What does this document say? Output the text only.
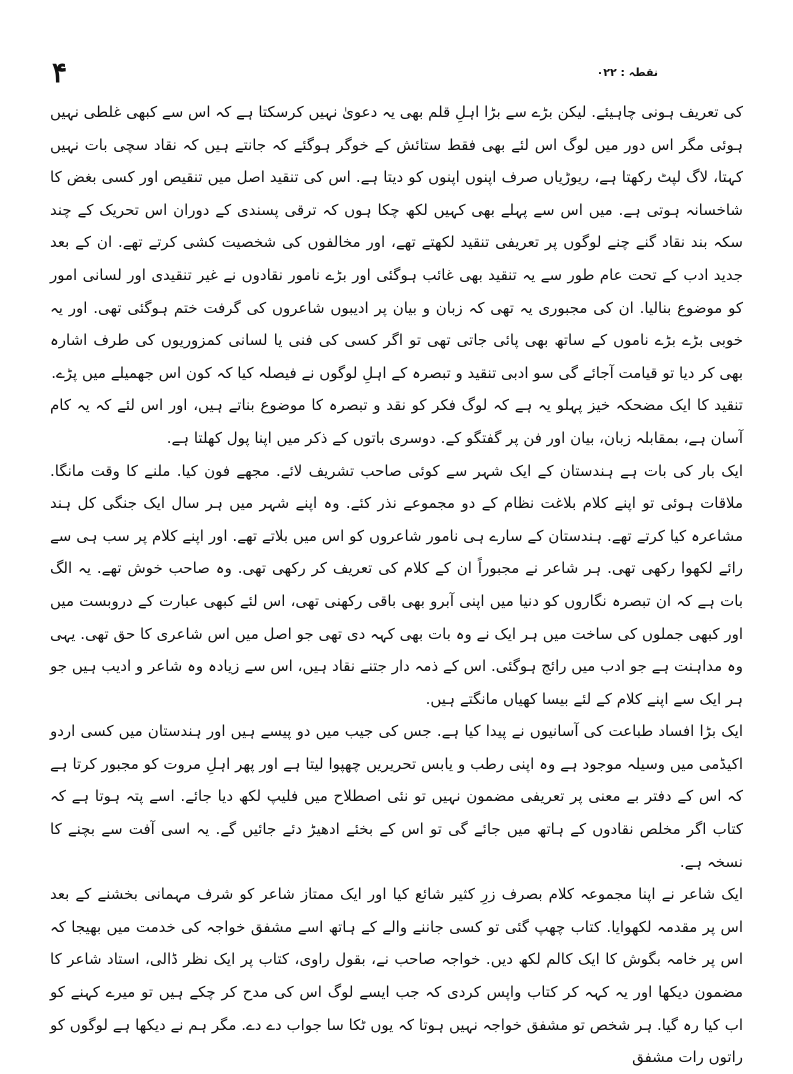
۴	نقطہ : ۰۲۲

کی تعریف ہونی چاہیئے. لیکن بڑے سے بڑا اہلِ قلم بھی یہ دعویٰ نہیں کرسکتا ہے کہ اس سے کبھی غلطی نہیں ہوئی مگر اس دور میں لوگ اس لئے بھی فقط ستائش کے خوگر ہوگئے کہ جانتے ہیں کہ نقاد سچی بات نہیں کہتا، لاگ لپٹ رکھتا ہے، ریوڑیاں صرف اپنوں اپنوں کو دیتا ہے. اس کی تنقید اصل میں تنقیص اور کسی بغض کا شاخسانہ ہوتی ہے. میں اس سے پہلے بھی کہیں لکھ چکا ہوں کہ ترقی پسندی کے دوران اس تحریک کے چند سکہ بند نقاد گنے چنے لوگوں پر تعریفی تنقید لکھتے تھے، اور مخالفوں کی شخصیت کشی کرتے تھے. ان کے بعد جدید ادب کے تحت عام طور سے یہ تنقید بھی غائب ہوگئی اور بڑے نامور نقادوں نے غیر تنقیدی اور لسانی امور کو موضوع بنالیا. ان کی مجبوری یہ تھی کہ زبان و بیان پر ادیبوں شاعروں کی گرفت ختم ہوگئی تھی. اور یہ خوبی بڑے بڑے ناموں کے ساتھ بھی پائی جاتی تھی تو اگر کسی کی فنی یا لسانی کمزوریوں کی طرف اشارہ بھی کر دیا تو قیامت آجائے گی سو ادبی تنقید و تبصرہ کے اہلِ لوگوں نے فیصلہ کیا کہ کون اس جھمیلے میں پڑے.

تنقید کا ایک مضحکہ خیز پہلو یہ ہے کہ لوگ فکر کو نقد و تبصرہ کا موضوع بناتے ہیں، اور اس لئے کہ یہ کام آسان ہے، بمقابلہ زبان، بیان اور فن پر گفتگو کے. دوسری باتوں کے ذکر میں اپنا پول کھلتا ہے.

ایک بار کی بات ہے ہندستان کے ایک شہر سے کوئی صاحب تشریف لائے. مجھے فون کیا. ملنے کا وقت مانگا. ملاقات ہوئی تو اپنے کلام بلاغت نظام کے دو مجموعے نذر کئے. وہ اپنے شہر میں ہر سال ایک جنگی کل ہند مشاعرہ کیا کرتے تھے. ہندستان کے سارے ہی نامور شاعروں کو اس میں بلاتے تھے. اور اپنے کلام پر سب ہی سے رائے لکھوا رکھی تھی. ہر شاعر نے مجبوراً ان کے کلام کی تعریف کر رکھی تھی. وہ صاحب خوش تھے. یہ الگ بات ہے کہ ان تبصرہ نگاروں کو دنیا میں اپنی آبرو بھی باقی رکھنی تھی، اس لئے کبھی عبارت کے دروبست میں اور کبھی جملوں کی ساخت میں ہر ایک نے وہ بات بھی کہہ دی تھی جو اصل میں اس شاعری کا حق تھی. یہی وہ مداہنت ہے جو ادب میں رائج ہوگئی. اس کے ذمہ دار جتنے نقاد ہیں، اس سے زیادہ وہ شاعر و ادیب ہیں جو ہر ایک سے اپنے کلام کے لئے بیسا کھیاں مانگتے ہیں.

ایک بڑا افساد طباعت کی آسانیوں نے پیدا کیا ہے. جس کی جیب میں دو پیسے ہیں اور ہندستان میں کسی اردو اکیڈمی میں وسیلہ موجود ہے وہ اپنی رطب و یابس تحریریں چھپوا لیتا ہے اور پھر اہلِ مروت کو مجبور کرتا ہے کہ اس کے دفتر بے معنی پر تعریفی مضمون نہیں تو نئی اصطلاح میں فلیپ لکھ دیا جائے. اسے پتہ ہوتا ہے کہ کتاب اگر مخلص نقادوں کے ہاتھ میں جائے گی تو اس کے بخئے ادھیڑ دئے جائیں گے. یہ اسی آفت سے بچنے کا نسخہ ہے.

ایک شاعر نے اپنا مجموعہ کلام بصرف زرِ کثیر شائع کیا اور ایک ممتاز شاعر کو شرف مہمانی بخشنے کے بعد اس پر مقدمہ لکھوایا. کتاب چھپ گئی تو کسی جاننے والے کے ہاتھ اسے مشفق خواجہ کی خدمت میں بھیجا کہ اس پر خامہ بگوش کا ایک کالم لکھ دیں. خواجہ صاحب نے، بقول راوی، کتاب پر ایک نظر ڈالی، استاد شاعر کا مضمون دیکھا اور یہ کہہ کر کتاب واپس کردی کہ جب ایسے لوگ اس کی مدح کر چکے ہیں تو میرے کہنے کو اب کیا رہ گیا. ہر شخص تو مشفق خواجہ نہیں ہوتا کہ یوں ٹکا سا جواب دے دے. مگر ہم نے دیکھا ہے لوگوں کو راتوں رات مشفق
